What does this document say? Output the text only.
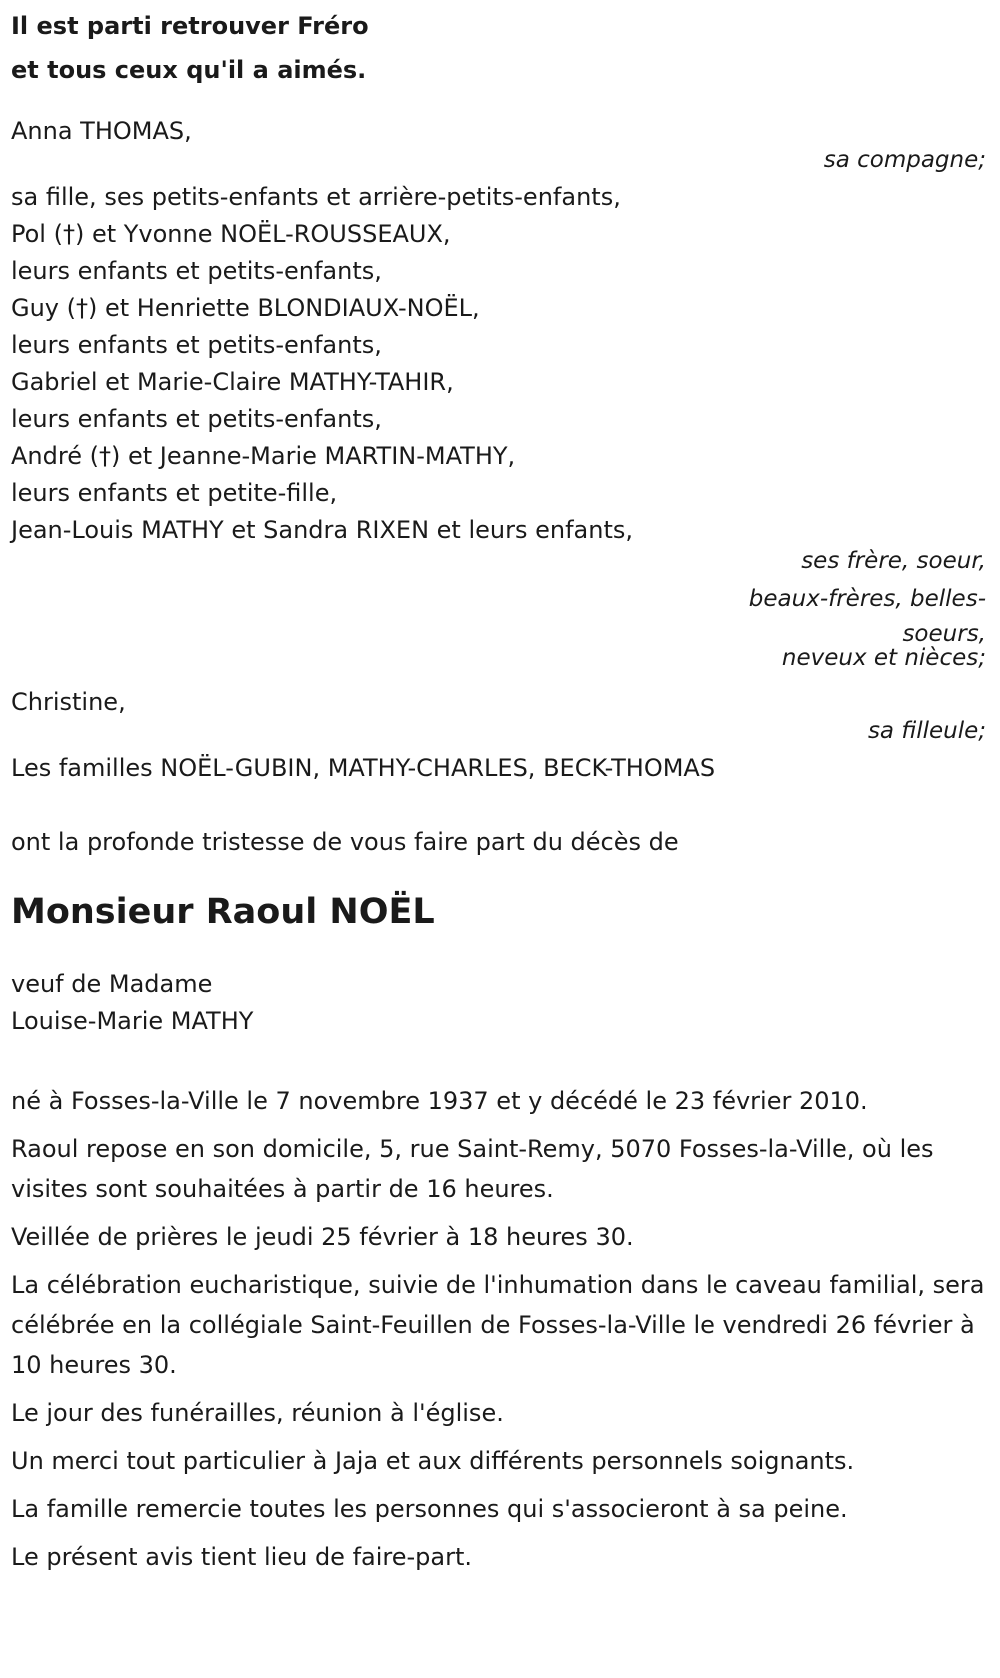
Il est parti retrouver Fréro
et tous ceux qu'il a aimés.
Anna THOMAS,
sa compagne;
sa fille, ses petits-enfants et arrière-petits-enfants,
Pol (†) et Yvonne NOËL-ROUSSEAUX,
leurs enfants et petits-enfants,
Guy (†) et Henriette BLONDIAUX-NOËL,
leurs enfants et petits-enfants,
Gabriel et Marie-Claire MATHY-TAHIR,
leurs enfants et petits-enfants,
André (†) et Jeanne-Marie MARTIN-MATHY,
leurs enfants et petite-fille,
Jean-Louis MATHY et Sandra RIXEN et leurs enfants,
ses frère, soeur,
beaux-frères, belles-
soeurs,
neveux et nièces;
Christine,
sa filleule;
Les familles NOËL-GUBIN, MATHY-CHARLES, BECK-THOMAS
ont la profonde tristesse de vous faire part du décès de
Monsieur Raoul NOËL
veuf de Madame
Louise-Marie MATHY

né à Fosses-la-Ville le 7 novembre 1937 et y décédé le 23 février 2010.

Raoul repose en son domicile, 5, rue Saint-Remy, 5070 Fosses-la-Ville, où les visites sont souhaitées à partir de 16 heures.

Veillée de prières le jeudi 25 février à 18 heures 30.

La célébration eucharistique, suivie de l'inhumation dans le caveau familial, sera célébrée en la collégiale Saint-Feuillen de Fosses-la-Ville le vendredi 26 février à 10 heures 30.

Le jour des funérailles, réunion à l'église.

Un merci tout particulier à Jaja et aux différents personnels soignants.

La famille remercie toutes les personnes qui s'associeront à sa peine.

Le présent avis tient lieu de faire-part.
